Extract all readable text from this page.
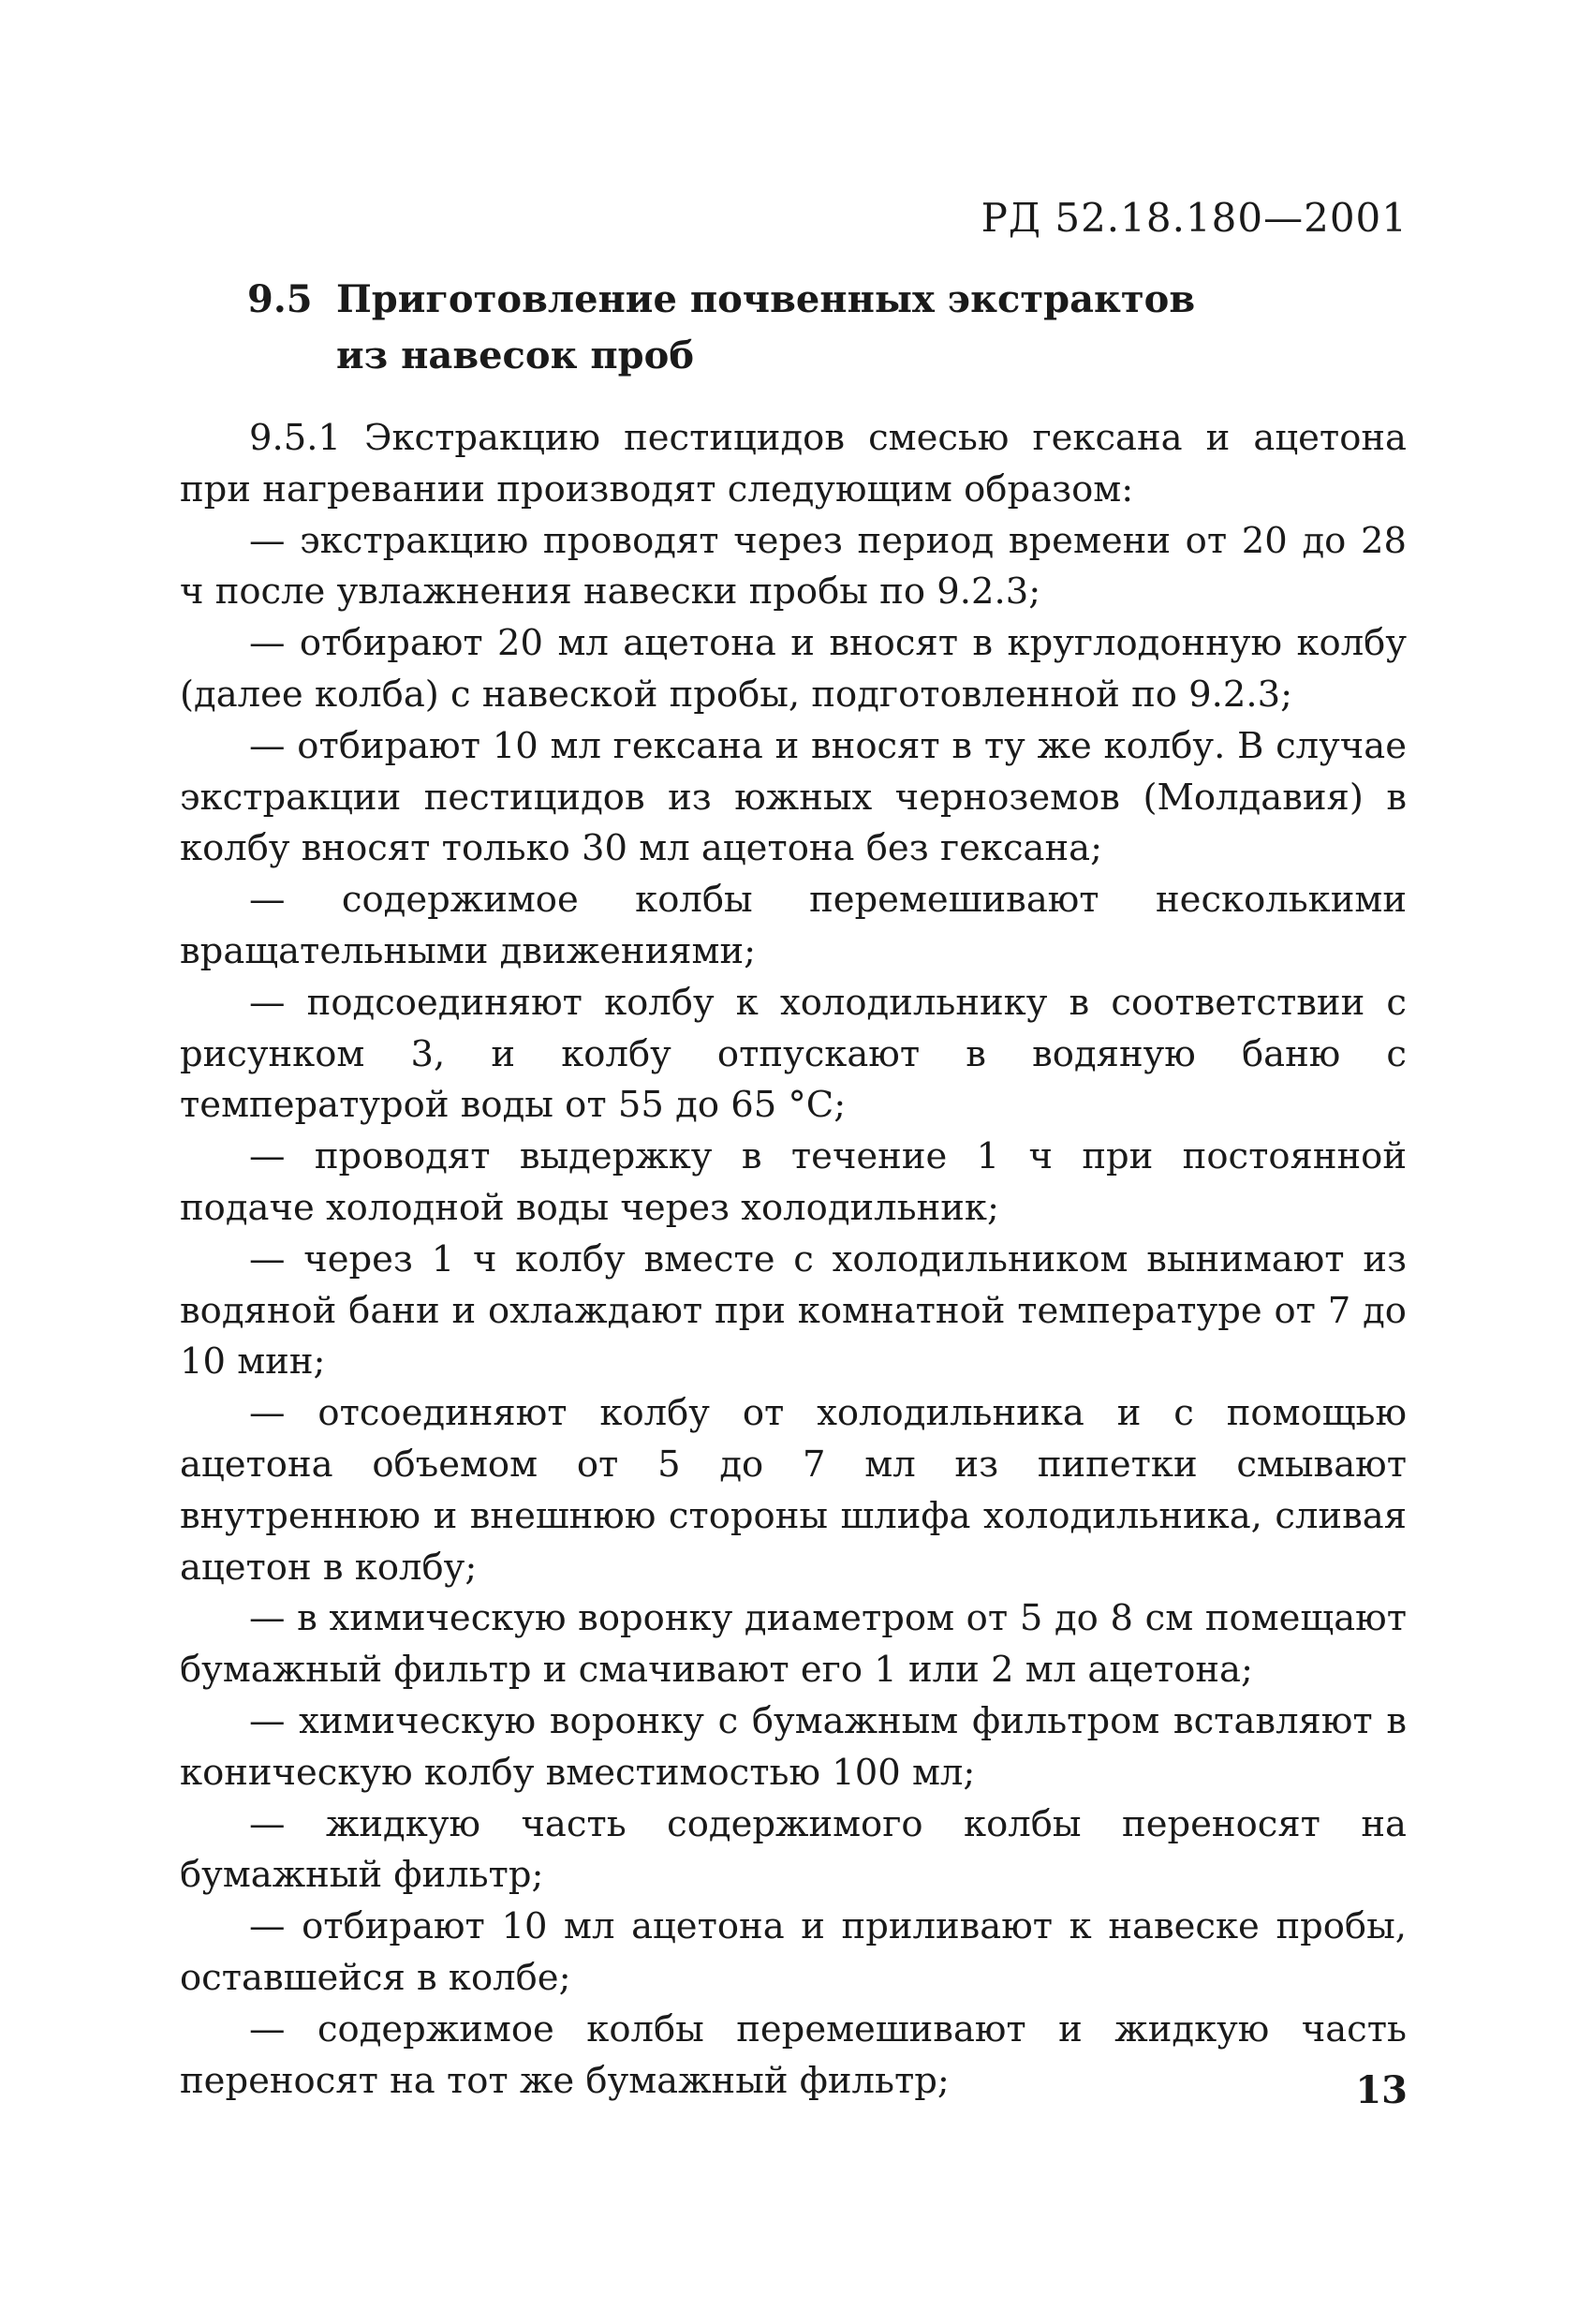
РД 52.18.180—2001
9.5 Приготовление почвенных экстрактов
из навесок проб

9.5.1 Экстракцию пестицидов смесью гексана и ацетона при нагревании производят следующим образом:

— экстракцию проводят через период времени от 20 до 28 ч после увлажнения навески пробы по 9.2.3;

— отбирают 20 мл ацетона и вносят в круглодонную колбу (далее колба) с навеской пробы, подготовленной по 9.2.3;

— отбирают 10 мл гексана и вносят в ту же колбу. В случае экстракции пестицидов из южных черноземов (Молдавия) в колбу вносят только 30 мл ацетона без гексана;

— содержимое колбы перемешивают несколькими вращательными движениями;

— подсоединяют колбу к холодильнику в соответствии с рисунком 3, и колбу отпускают в водяную баню с температурой воды от 55 до 65 °С;

— проводят выдержку в течение 1 ч при постоянной подаче холодной воды через холодильник;

— через 1 ч колбу вместе с холодильником вынимают из водяной бани и охлаждают при комнатной температуре от 7 до 10 мин;

— отсоединяют колбу от холодильника и с помощью ацетона объемом от 5 до 7 мл из пипетки смывают внутреннюю и внешнюю стороны шлифа холодильника, сливая ацетон в колбу;

— в химическую воронку диаметром от 5 до 8 см помещают бумажный фильтр и смачивают его 1 или 2 мл ацетона;

— химическую воронку с бумажным фильтром вставляют в коническую колбу вместимостью 100 мл;

— жидкую часть содержимого колбы переносят на бумажный фильтр;

— отбирают 10 мл ацетона и приливают к навеске пробы, оставшейся в колбе;

— содержимое колбы перемешивают и жидкую часть переносят на тот же бумажный фильтр;	13
